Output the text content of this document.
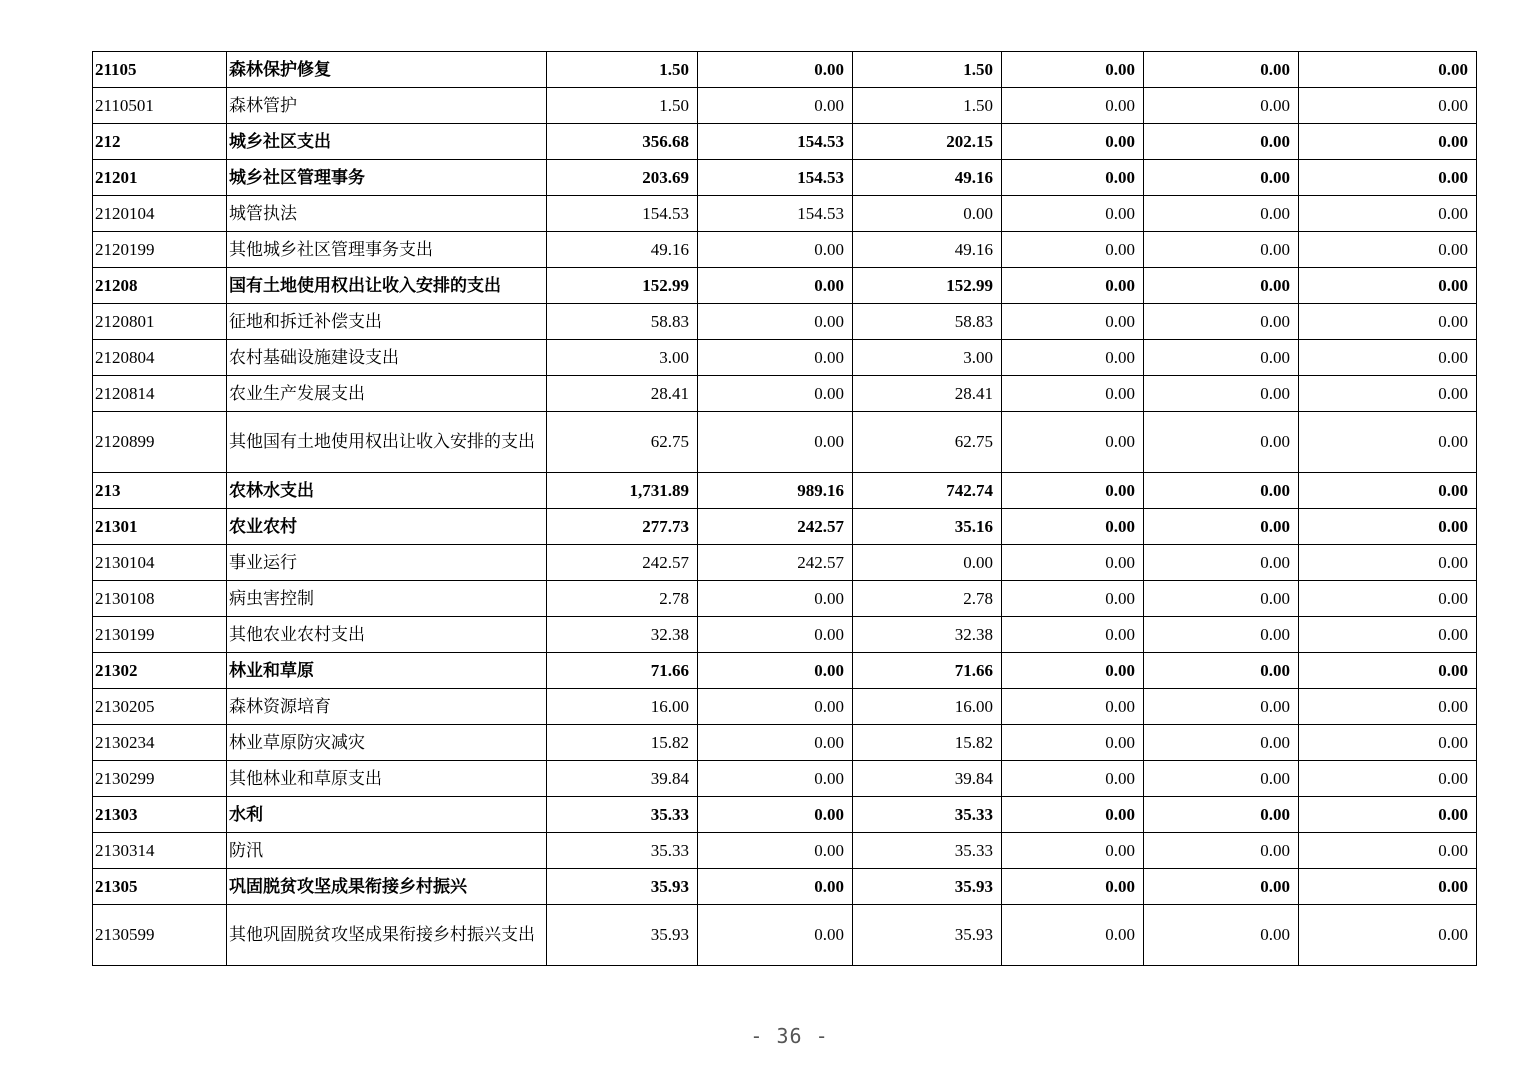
21105	森林保护修复	1.50	0.00	1.50	0.00	0.00	0.00
2110501	森林管护	1.50	0.00	1.50	0.00	0.00	0.00
212	城乡社区支出	356.68	154.53	202.15	0.00	0.00	0.00
21201	城乡社区管理事务	203.69	154.53	49.16	0.00	0.00	0.00
2120104	城管执法	154.53	154.53	0.00	0.00	0.00	0.00
2120199	其他城乡社区管理事务支出	49.16	0.00	49.16	0.00	0.00	0.00
21208	国有土地使用权出让收入安排的支出	152.99	0.00	152.99	0.00	0.00	0.00
2120801	征地和拆迁补偿支出	58.83	0.00	58.83	0.00	0.00	0.00
2120804	农村基础设施建设支出	3.00	0.00	3.00	0.00	0.00	0.00
2120814	农业生产发展支出	28.41	0.00	28.41	0.00	0.00	0.00
2120899	其他国有土地使用权出让收入安排的支出	62.75	0.00	62.75	0.00	0.00	0.00
213	农林水支出	1,731.89	989.16	742.74	0.00	0.00	0.00
21301	农业农村	277.73	242.57	35.16	0.00	0.00	0.00
2130104	事业运行	242.57	242.57	0.00	0.00	0.00	0.00
2130108	病虫害控制	2.78	0.00	2.78	0.00	0.00	0.00
2130199	其他农业农村支出	32.38	0.00	32.38	0.00	0.00	0.00
21302	林业和草原	71.66	0.00	71.66	0.00	0.00	0.00
2130205	森林资源培育	16.00	0.00	16.00	0.00	0.00	0.00
2130234	林业草原防灾减灾	15.82	0.00	15.82	0.00	0.00	0.00
2130299	其他林业和草原支出	39.84	0.00	39.84	0.00	0.00	0.00
21303	水利	35.33	0.00	35.33	0.00	0.00	0.00
2130314	防汛	35.33	0.00	35.33	0.00	0.00	0.00
21305	巩固脱贫攻坚成果衔接乡村振兴	35.93	0.00	35.93	0.00	0.00	0.00
2130599	其他巩固脱贫攻坚成果衔接乡村振兴支出	35.93	0.00	35.93	0.00	0.00	0.00
- 36 -
